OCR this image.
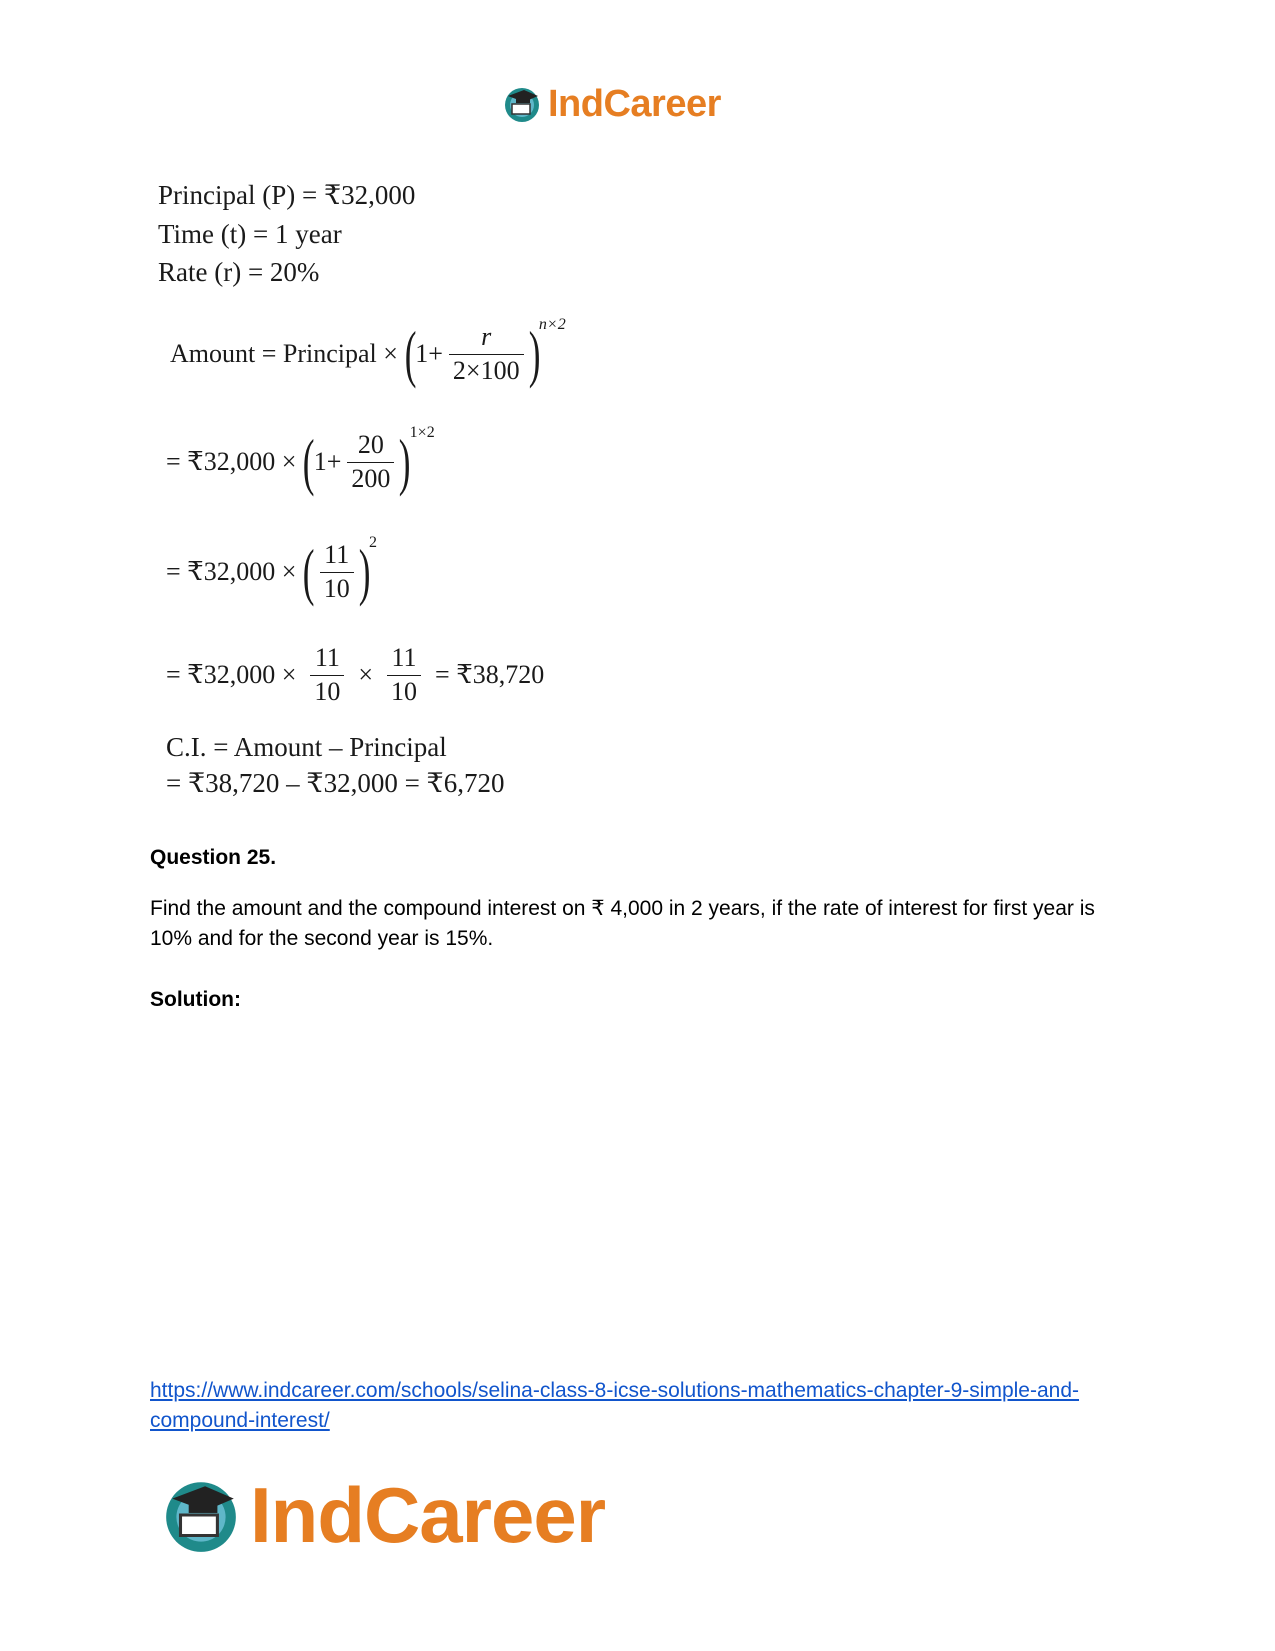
IndCareer
Principal (P) = ₹32,000
Time (t) = 1 year
Rate (r) = 20%
Amount = Principal × (
$1+ \frac{r}{2\times 100}$ )
n×2
= ₹32,000 × (
$1+ \frac{20}{200}$ )
1×2
= ₹32,000 × ( $\frac{11}{10}$ )
2
= ₹32,000 × $\frac{11}{10} \times \frac{11}{10}$ = ₹38,720
C.I. = Amount – Principal
= ₹38,720 – ₹32,000 = ₹6,720
Question 25.
Find the amount and the compound interest on ₹ 4,000 in 2 years, if the rate of interest for first year is 10% and for the second year is 15%.
Solution:
https://www.indcareer.com/schools/selina-class-8-icse-solutions-mathematics-chapter-9-simple-and-compound-interest/
IndCareer
